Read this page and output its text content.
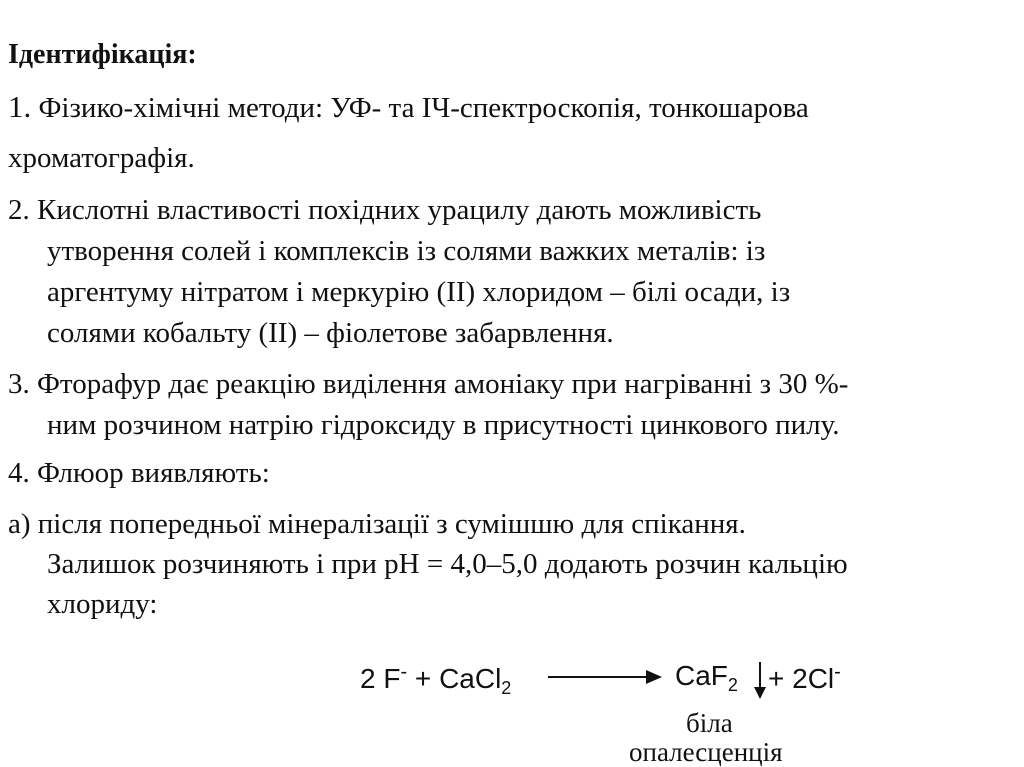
Ідентифікація:
1. Фізико-хімічні методи: УФ- та ІЧ-спектроскопія, тонкошарова
хроматографія.
2. Кислотні властивості похідних урацилу дають можливість
утворення солей і комплексів із солями важких металів: із
аргентуму нітратом і меркурію (ІІ) хлоридом – білі осади, із
солями кобальту (ІІ) – фіолетове забарвлення.
3. Фторафур дає реакцію виділення амоніаку при нагріванні з 30 %-
ним розчином натрію гідроксиду в присутності цинкового пилу.
4. Флюор виявляють:
а) після попередньої мінералізації з сумішшю для спікання.
Залишок розчиняють і при рН = 4,0–5,0 додають розчин кальцію
хлориду:
2 F- + CaCl$_2$	CaF$_2$ + 2Cl-
біла
опалесценція
